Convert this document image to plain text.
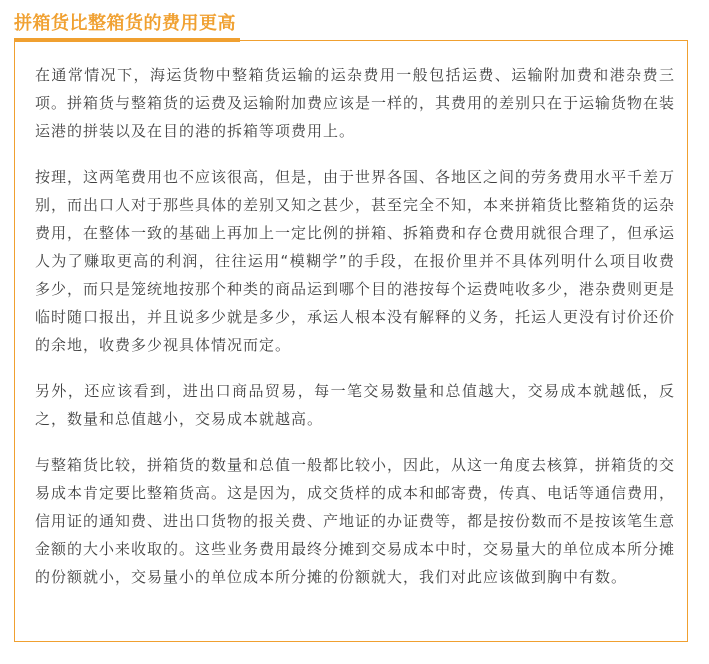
拼箱货比整箱货的费用更高

在通常情况下，海运货物中整箱货运输的运杂费用一般包括运费、运输附加费和港杂费三项。拼箱货与整箱货的运费及运输附加费应该是一样的，其费用的差别只在于运输货物在装运港的拼装以及在目的港的拆箱等项费用上。

按理，这两笔费用也不应该很高，但是，由于世界各国、各地区之间的劳务费用水平千差万别，而出口人对于那些具体的差别又知之甚少，甚至完全不知，本来拼箱货比整箱货的运杂费用，在整体一致的基础上再加上一定比例的拼箱、拆箱费和存仓费用就很合理了，但承运人为了赚取更高的利润，往往运用“模糊学”的手段，在报价里并不具体列明什么项目收费多少，而只是笼统地按那个种类的商品运到哪个目的港按每个运费吨收多少，港杂费则更是临时随口报出，并且说多少就是多少，承运人根本没有解释的义务，托运人更没有讨价还价的余地，收费多少视具体情况而定。

另外，还应该看到，进出口商品贸易，每一笔交易数量和总值越大，交易成本就越低，反之，数量和总值越小，交易成本就越高。

与整箱货比较，拼箱货的数量和总值一般都比较小，因此，从这一角度去核算，拼箱货的交易成本肯定要比整箱货高。这是因为，成交货样的成本和邮寄费，传真、电话等通信费用，信用证的通知费、进出口货物的报关费、产地证的办证费等，都是按份数而不是按该笔生意金额的大小来收取的。这些业务费用最终分摊到交易成本中时，交易量大的单位成本所分摊的份额就小，交易量小的单位成本所分摊的份额就大，我们对此应该做到胸中有数。
